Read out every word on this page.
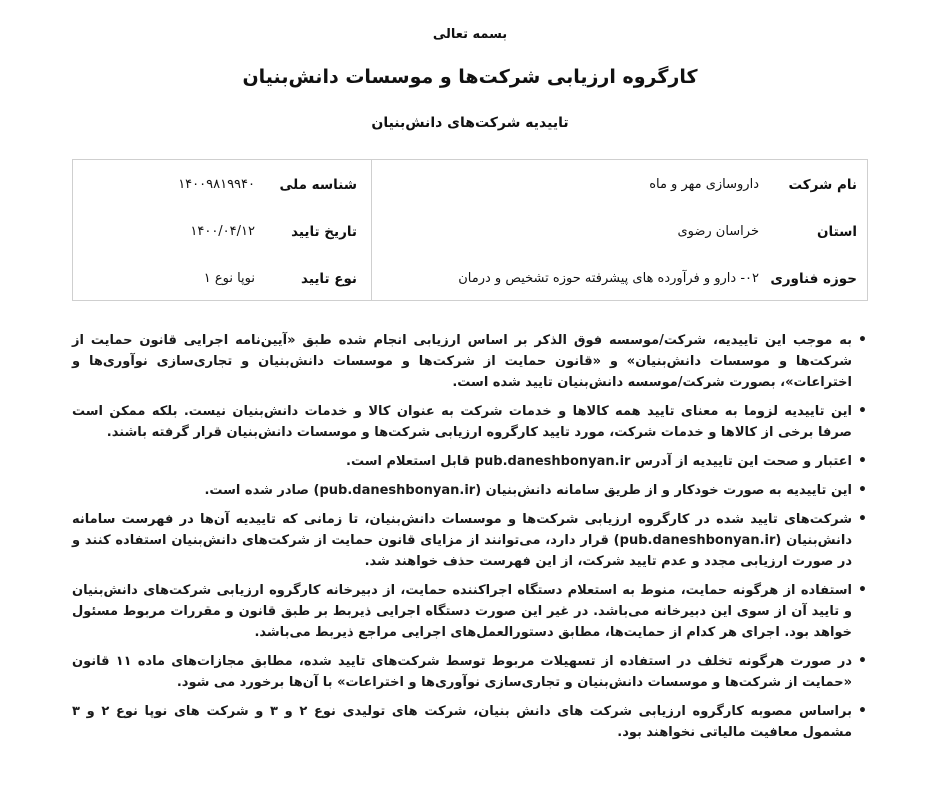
بسمه تعالی
کارگروه ارزیابی شرکت‌ها و موسسات دانش‌بنیان
تاییدیه شرکت‌های دانش‌بنیان
نام شرکت
داروسازی مهر و ماه
استان
خراسان رضوی
حوزه فناوری
۰۲- دارو و فرآورده های پیشرفته حوزه تشخیص و درمان
شناسه ملی
۱۴۰۰۹۸۱۹۹۴۰
تاریخ تایید
۱۴۰۰/۰۴/۱۲
نوع تایید
نوپا نوع ۱
• به موجب این تاییدیه، شرکت/موسسه فوق الذکر بر اساس ارزیابی انجام شده طبق «آیین‌نامه اجرایی قانون حمایت از شرکت‌ها و موسسات دانش‌بنیان» و «قانون حمایت از شرکت‌ها و موسسات دانش‌بنیان و تجاری‌سازی نوآوری‌ها و اختراعات»، بصورت شرکت/موسسه دانش‌بنیان تایید شده است.
• این تاییدیه لزوما به معنای تایید همه کالاها و خدمات شرکت به عنوان کالا و خدمات دانش‌بنیان نیست. بلکه ممکن است صرفا برخی از کالاها و خدمات شرکت، مورد تایید کارگروه ارزیابی شرکت‌ها و موسسات دانش‌بنیان قرار گرفته باشند.
• اعتبار و صحت این تاییدیه از آدرس pub.daneshbonyan.ir قابل استعلام است.
• این تاییدیه به صورت خودکار و از طریق سامانه دانش‌بنیان (pub.daneshbonyan.ir) صادر شده است.
• شرکت‌های تایید شده در کارگروه ارزیابی شرکت‌ها و موسسات دانش‌بنیان، تا زمانی که تاییدیه آن‌ها در فهرست سامانه دانش‌بنیان (pub.daneshbonyan.ir) قرار دارد، می‌توانند از مزایای قانون حمایت از شرکت‌های دانش‌بنیان استفاده کنند و در صورت ارزیابی مجدد و عدم تایید شرکت، از این فهرست حذف خواهند شد.
• استفاده از هرگونه حمایت، منوط به استعلام دستگاه اجراکننده حمایت، از دبیرخانه کارگروه ارزیابی شرکت‌های دانش‌بنیان و تایید آن از سوی این دبیرخانه می‌باشد. در غیر این صورت دستگاه اجرایی ذیربط بر طبق قانون و مقررات مربوط مسئول خواهد بود. اجرای هر کدام از حمایت‌ها، مطابق دستورالعمل‌های اجرایی مراجع ذیربط می‌باشد.
• در صورت هرگونه تخلف در استفاده از تسهیلات مربوط توسط شرکت‌های تایید شده، مطابق مجازات‌های ماده ۱۱ قانون «حمایت از شرکت‌ها و موسسات دانش‌بنیان و تجاری‌سازی نوآوری‌ها و اختراعات» با آن‌ها برخورد می شود.
• براساس مصوبه کارگروه ارزیابی شرکت های دانش بنیان، شرکت های تولیدی نوع ۲ و ۳ و شرکت های نوپا نوع ۲ و ۳ مشمول معافیت مالیاتی نخواهند بود.
